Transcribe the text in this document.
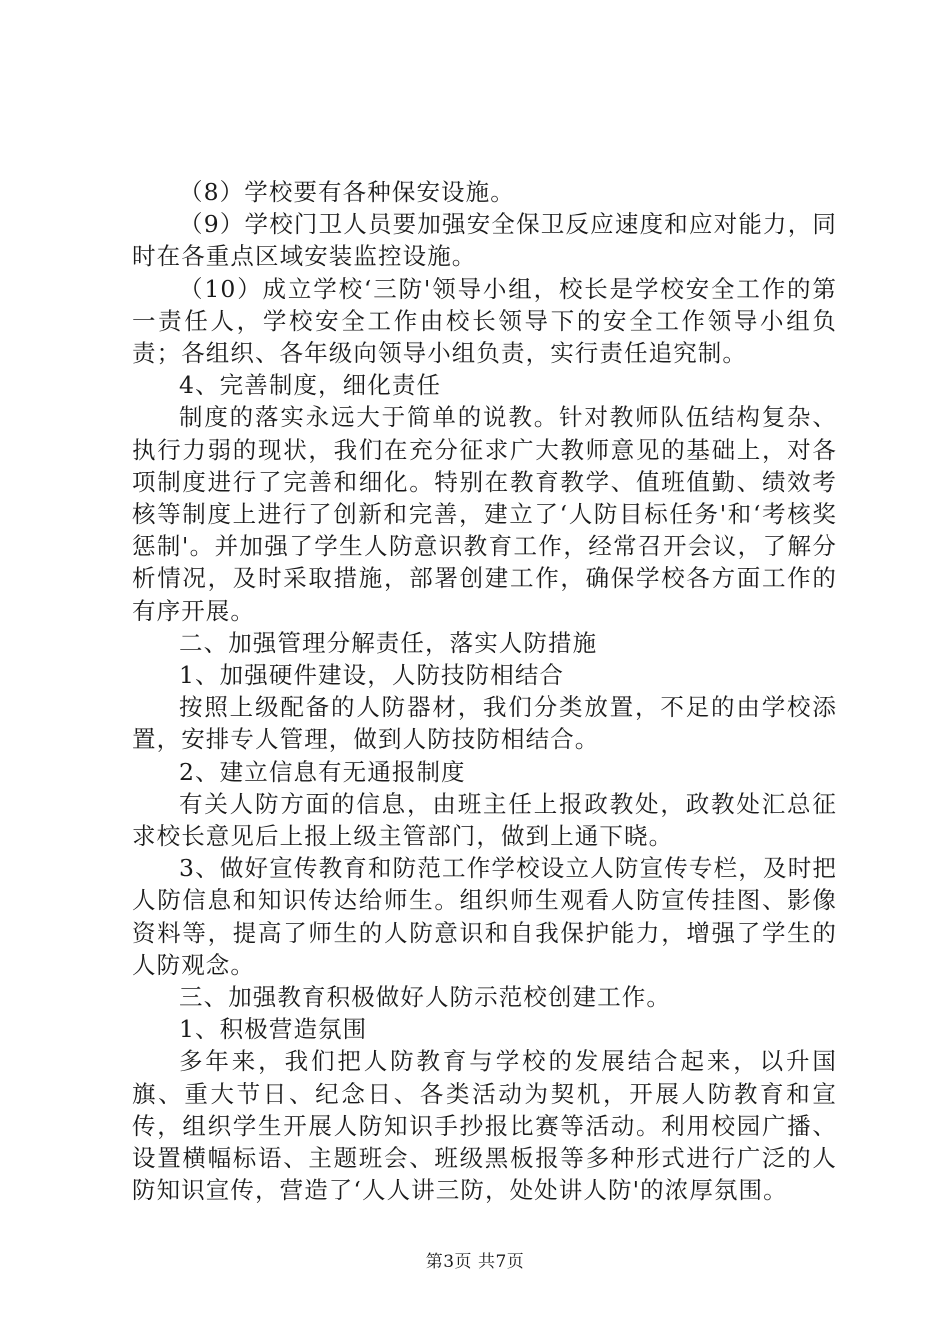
（8）学校要有各种保安设施。

（9）学校门卫人员要加强安全保卫反应速度和应对能力，同时在各重点区域安装监控设施。

（10）成立学校‘三防'领导小组，校长是学校安全工作的第一责任人，学校安全工作由校长领导下的安全工作领导小组负责；各组织、各年级向领导小组负责，实行责任追究制。

4、完善制度，细化责任

制度的落实永远大于简单的说教。针对教师队伍结构复杂、执行力弱的现状，我们在充分征求广大教师意见的基础上，对各项制度进行了完善和细化。特别在教育教学、值班值勤、绩效考核等制度上进行了创新和完善，建立了‘人防目标任务'和‘考核奖惩制'。并加强了学生人防意识教育工作，经常召开会议，了解分析情况，及时采取措施，部署创建工作，确保学校各方面工作的有序开展。

二、加强管理分解责任，落实人防措施

1、加强硬件建设，人防技防相结合

按照上级配备的人防器材，我们分类放置，不足的由学校添置，安排专人管理，做到人防技防相结合。

2、建立信息有无通报制度

有关人防方面的信息，由班主任上报政教处，政教处汇总征求校长意见后上报上级主管部门，做到上通下晓。

3、做好宣传教育和防范工作学校设立人防宣传专栏，及时把人防信息和知识传达给师生。组织师生观看人防宣传挂图、影像资料等，提高了师生的人防意识和自我保护能力，增强了学生的人防观念。

三、加强教育积极做好人防示范校创建工作。

1、积极营造氛围

多年来，我们把人防教育与学校的发展结合起来，以升国旗、重大节日、纪念日、各类活动为契机，开展人防教育和宣传，组织学生开展人防知识手抄报比赛等活动。利用校园广播、设置横幅标语、主题班会、班级黑板报等多种形式进行广泛的人防知识宣传，营造了‘人人讲三防，处处讲人防'的浓厚氛围。

第3页 共7页
